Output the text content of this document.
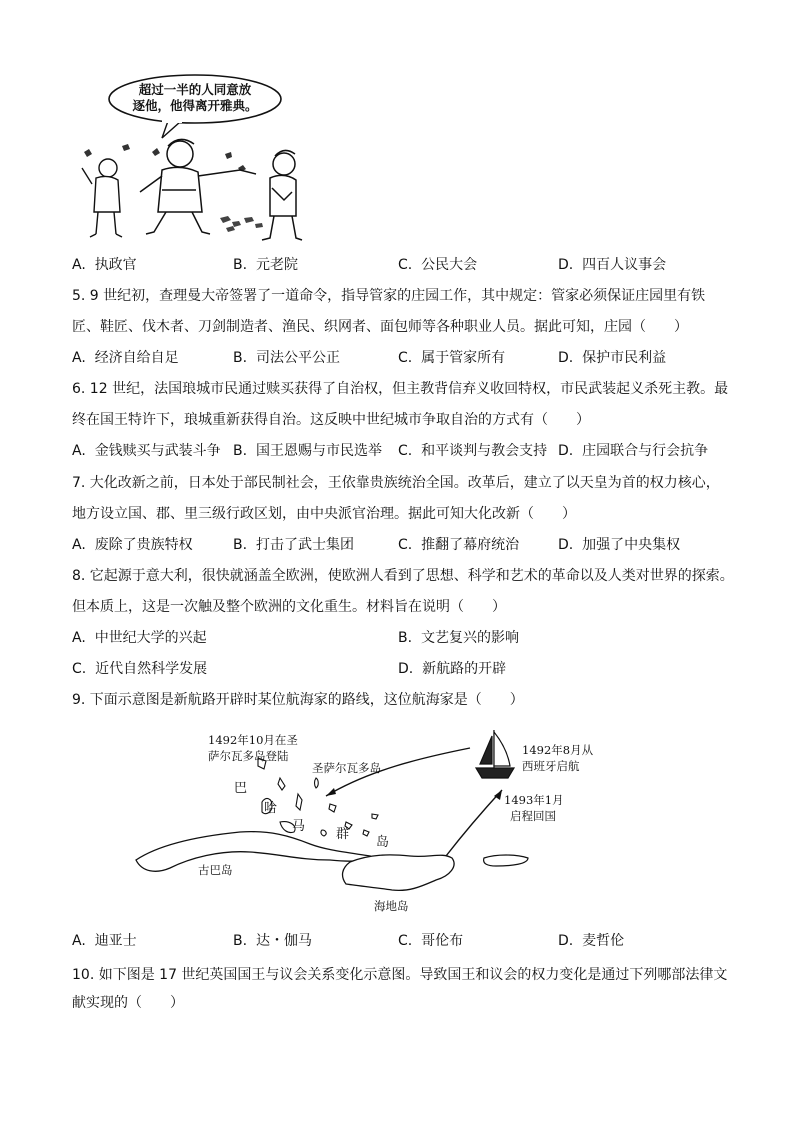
超过一半的人同意放
逐他，他得离开雅典。
A. 执政官	B. 元老院	C. 公民大会	D. 四百人议事会
5. 9 世纪初，查理曼大帝签署了一道命令，指导管家的庄园工作，其中规定：管家必须保证庄园里有铁
匠、鞋匠、伐木者、刀剑制造者、渔民、织网者、面包师等各种职业人员。据此可知，庄园（　　）
A. 经济自给自足	B. 司法公平公正	C. 属于管家所有	D. 保护市民利益
6. 12 世纪，法国琅城市民通过赎买获得了自治权，但主教背信弃义收回特权，市民武装起义杀死主教。最
终在国王特许下，琅城重新获得自治。这反映中世纪城市争取自治的方式有（　　）
A. 金钱赎买与武装斗争 B. 国王恩赐与市民选举 C. 和平谈判与教会支持 D. 庄园联合与行会抗争
7. 大化改新之前，日本处于部民制社会，王依靠贵族统治全国。改革后，建立了以天皇为首的权力核心，
地方设立国、郡、里三级行政区划，由中央派官治理。据此可知大化改新（　　）
A. 废除了贵族特权	B. 打击了武士集团	C. 推翻了幕府统治	D. 加强了中央集权
8. 它起源于意大利，很快就涵盖全欧洲，使欧洲人看到了思想、科学和艺术的革命以及人类对世界的探索。
但本质上，这是一次触及整个欧洲的文化重生。材料旨在说明（　　）
A. 中世纪大学的兴起	B. 文艺复兴的影响
C. 近代自然科学发展	D. 新航路的开辟
9. 下面示意图是新航路开辟时某位航海家的路线，这位航海家是（　　）
1492年10月在圣
萨尔瓦多岛登陆	1492年8月从
西班牙启航
1493年1月
启程回国
圣萨尔瓦多岛
巴
哈
马
群
岛
古巴岛
海地岛
A. 迪亚士	B. 达・伽马	C. 哥伦布	D. 麦哲伦
10. 如下图是 17 世纪英国国王与议会关系变化示意图。导致国王和议会的权力变化是通过下列哪部法律文
献实现的（　　）
